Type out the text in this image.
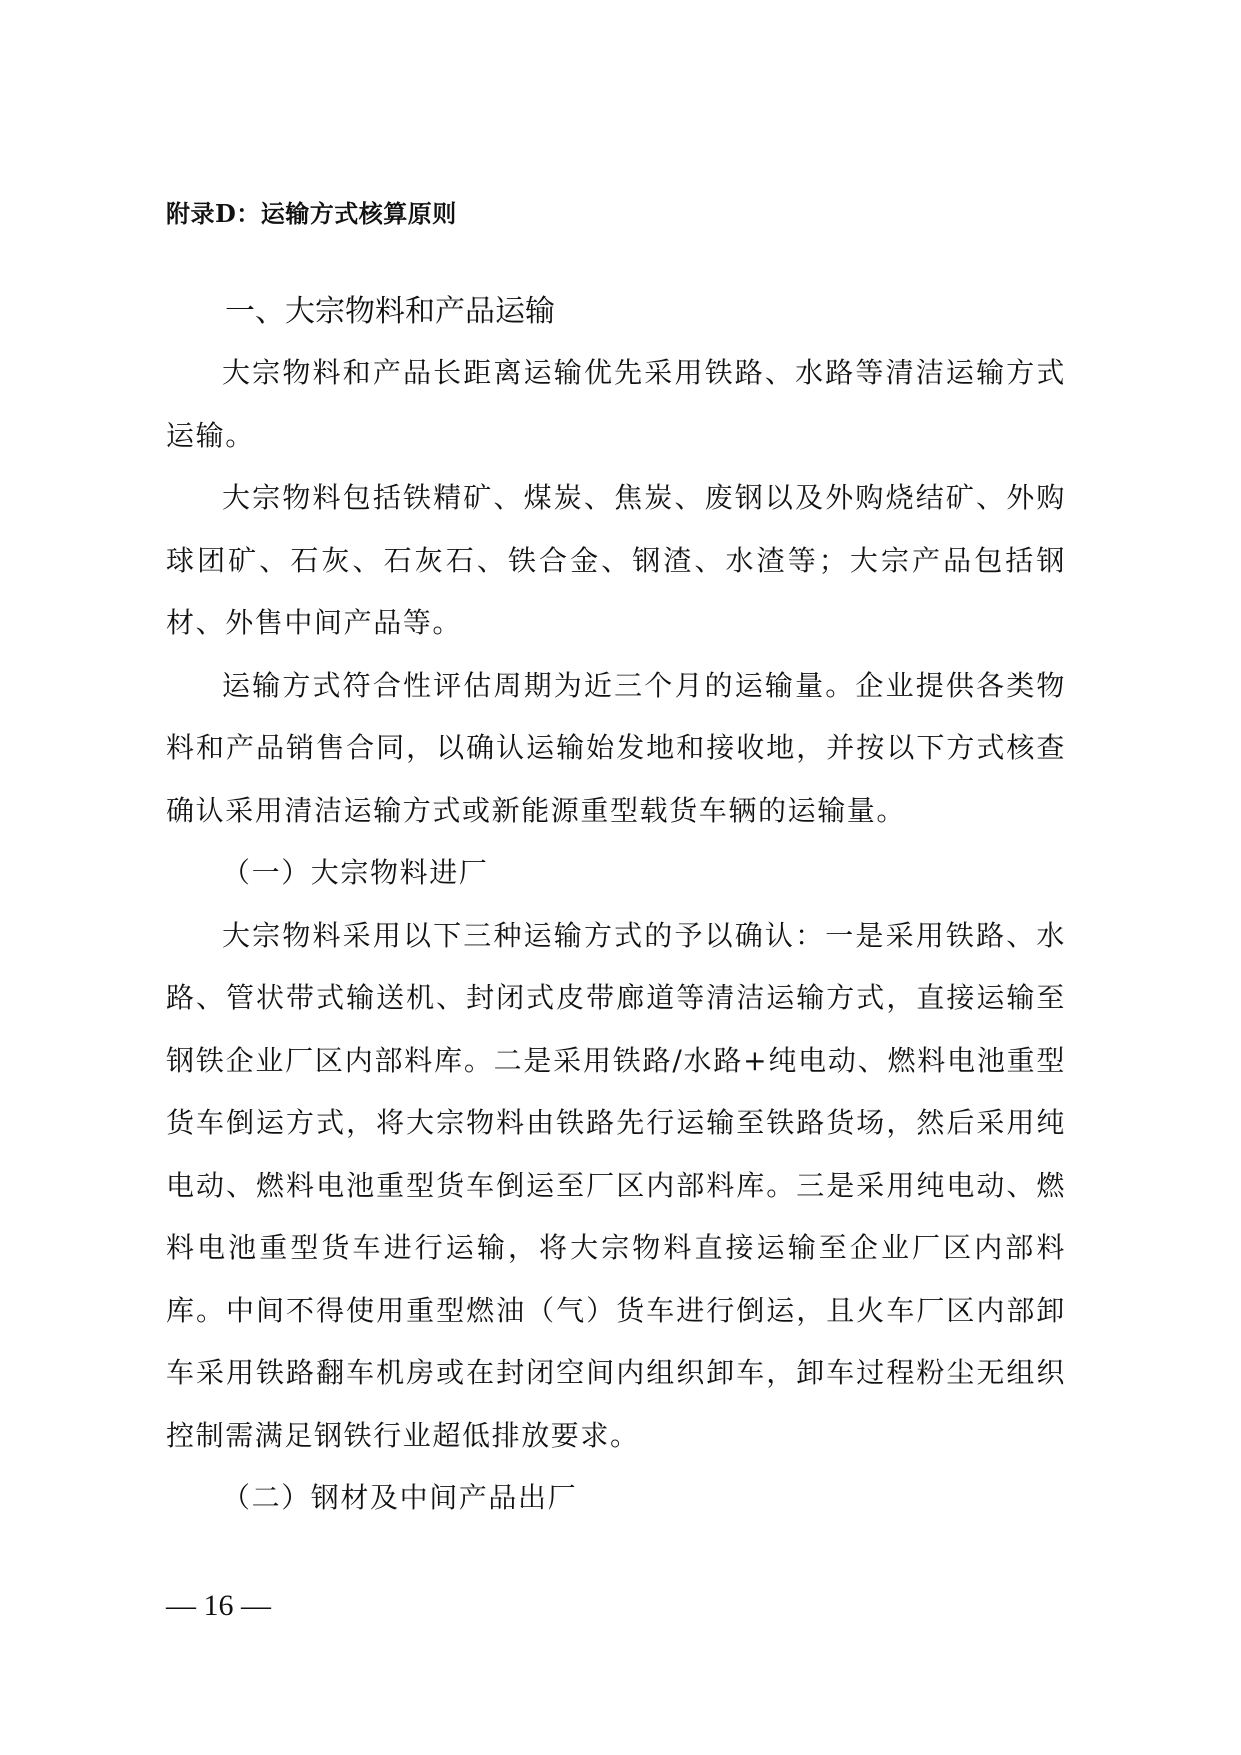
附录D：运输方式核算原则
一、大宗物料和产品运输

大宗物料和产品长距离运输优先采用铁路、水路等清洁运输方式运输。

大宗物料包括铁精矿、煤炭、焦炭、废钢以及外购烧结矿、外购球团矿、石灰、石灰石、铁合金、钢渣、水渣等；大宗产品包括钢材、外售中间产品等。

运输方式符合性评估周期为近三个月的运输量。企业提供各类物料和产品销售合同，以确认运输始发地和接收地，并按以下方式核查确认采用清洁运输方式或新能源重型载货车辆的运输量。

（一）大宗物料进厂

大宗物料采用以下三种运输方式的予以确认：一是采用铁路、水路、管状带式输送机、封闭式皮带廊道等清洁运输方式，直接运输至钢铁企业厂区内部料库。二是采用铁路/水路+纯电动、燃料电池重型货车倒运方式，将大宗物料由铁路先行运输至铁路货场，然后采用纯电动、燃料电池重型货车倒运至厂区内部料库。三是采用纯电动、燃料电池重型货车进行运输，将大宗物料直接运输至企业厂区内部料库。中间不得使用重型燃油（气）货车进行倒运，且火车厂区内部卸车采用铁路翻车机房或在封闭空间内组织卸车，卸车过程粉尘无组织控制需满足钢铁行业超低排放要求。

（二）钢材及中间产品出厂

— 16 —
